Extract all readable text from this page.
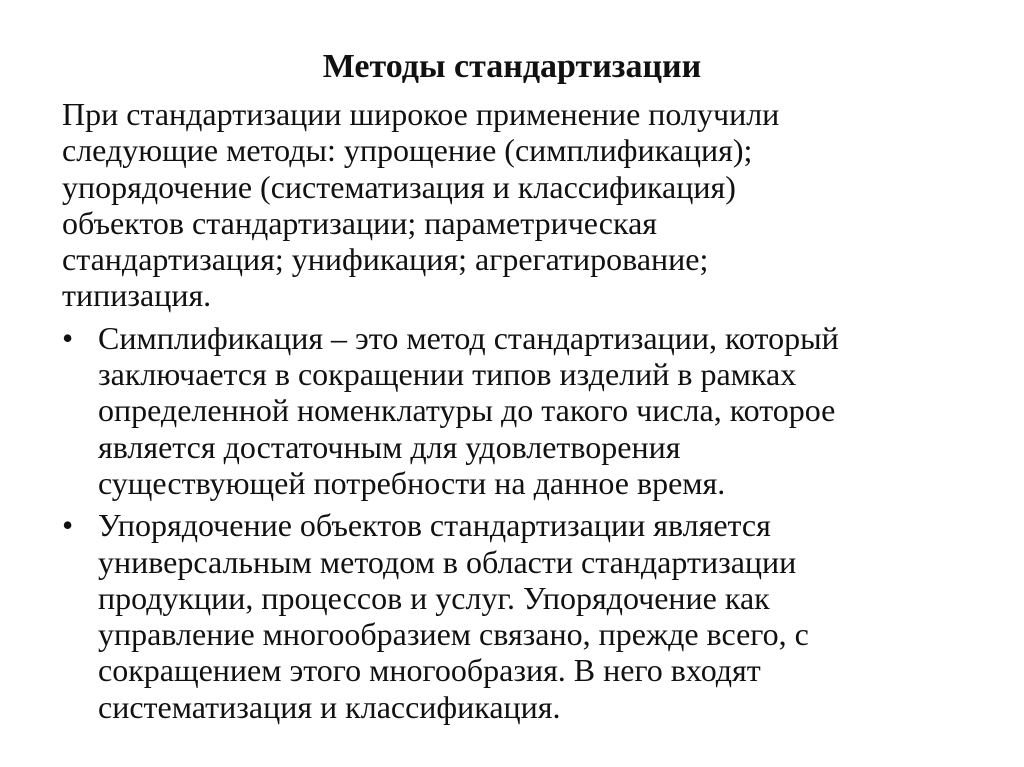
Методы стандартизации
При стандартизации широкое применение получили
следующие методы: упрощение (симплификация);
упорядочение (систематизация и классификация)
объектов стандартизации; параметрическая
стандартизация; унификация; агрегатирование;
типизация.
• Симплификация – это метод стандартизации, который
заключается в сокращении типов изделий в рамках
определенной номенклатуры до такого числа, которое
является достаточным для удовлетворения
существующей потребности на данное время.
• Упорядочение объектов стандартизации является
универсальным методом в области стандартизации
продукции, процессов и услуг. Упорядочение как
управление многообразием связано, прежде всего, с
сокращением этого многообразия. В него входят
систематизация и классификация.
